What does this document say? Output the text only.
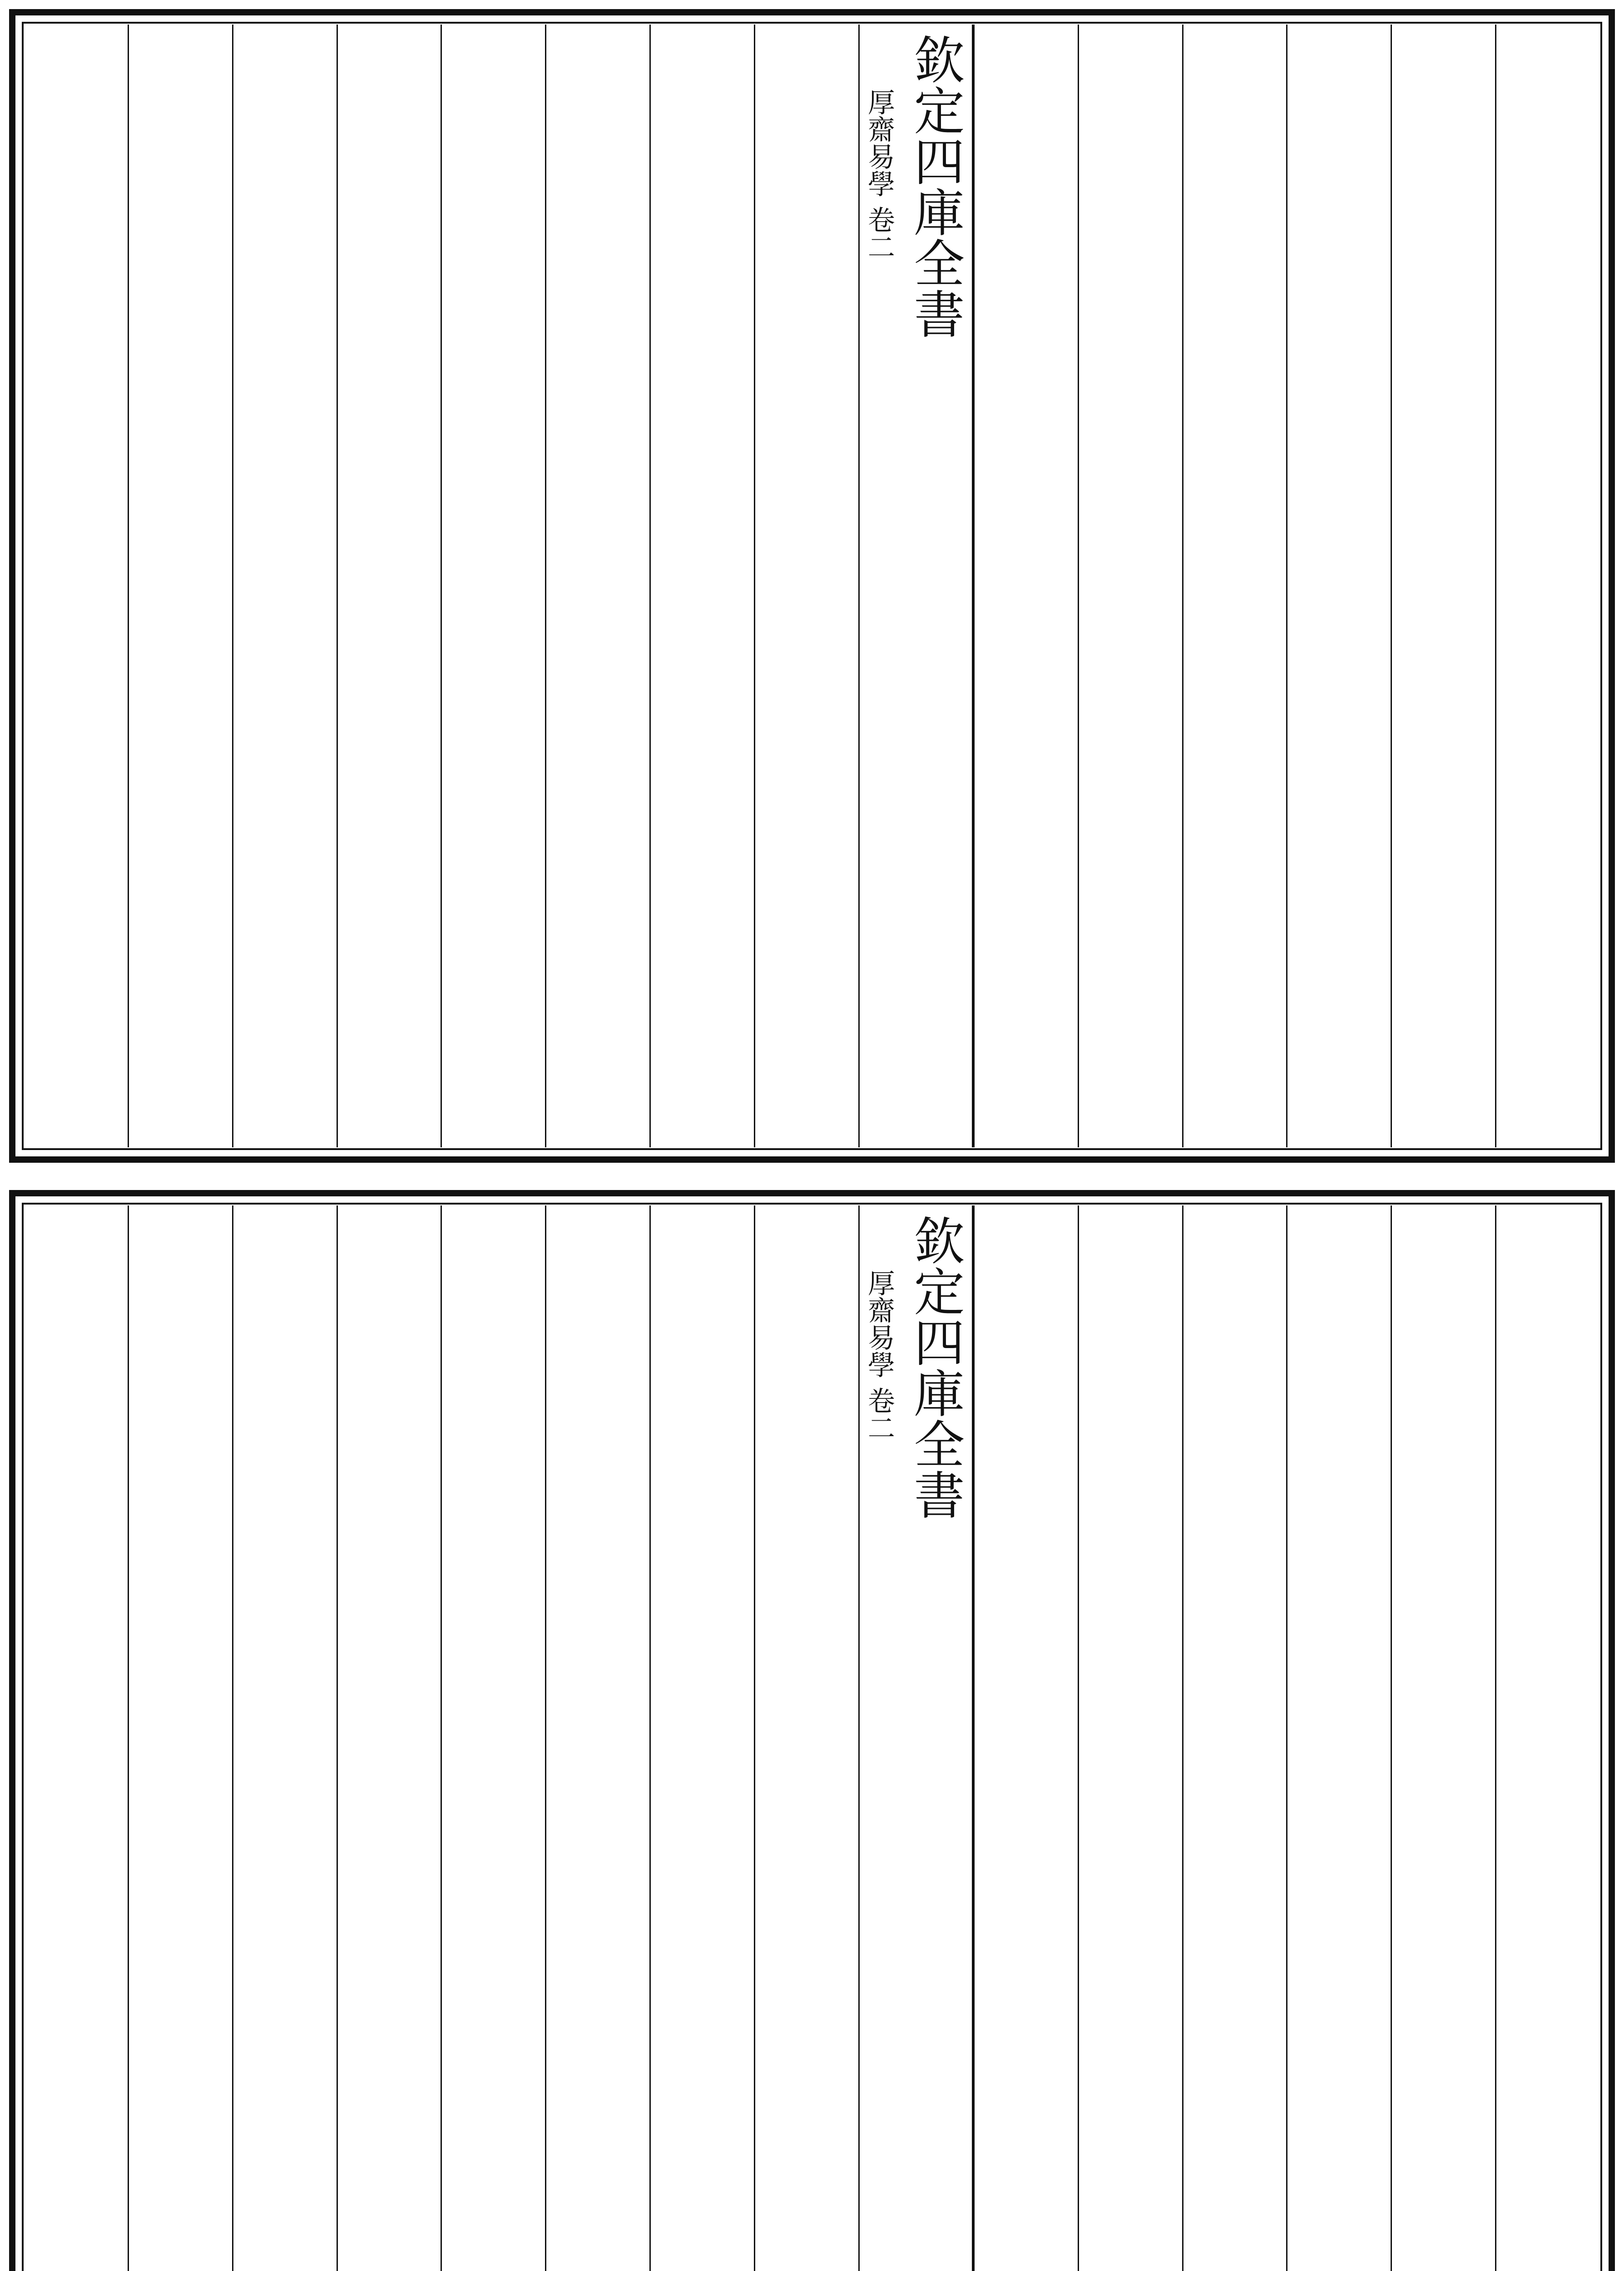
欽定四庫全書
厚齋易學 卷二
欽定四庫全書
厚齋易學 卷二
